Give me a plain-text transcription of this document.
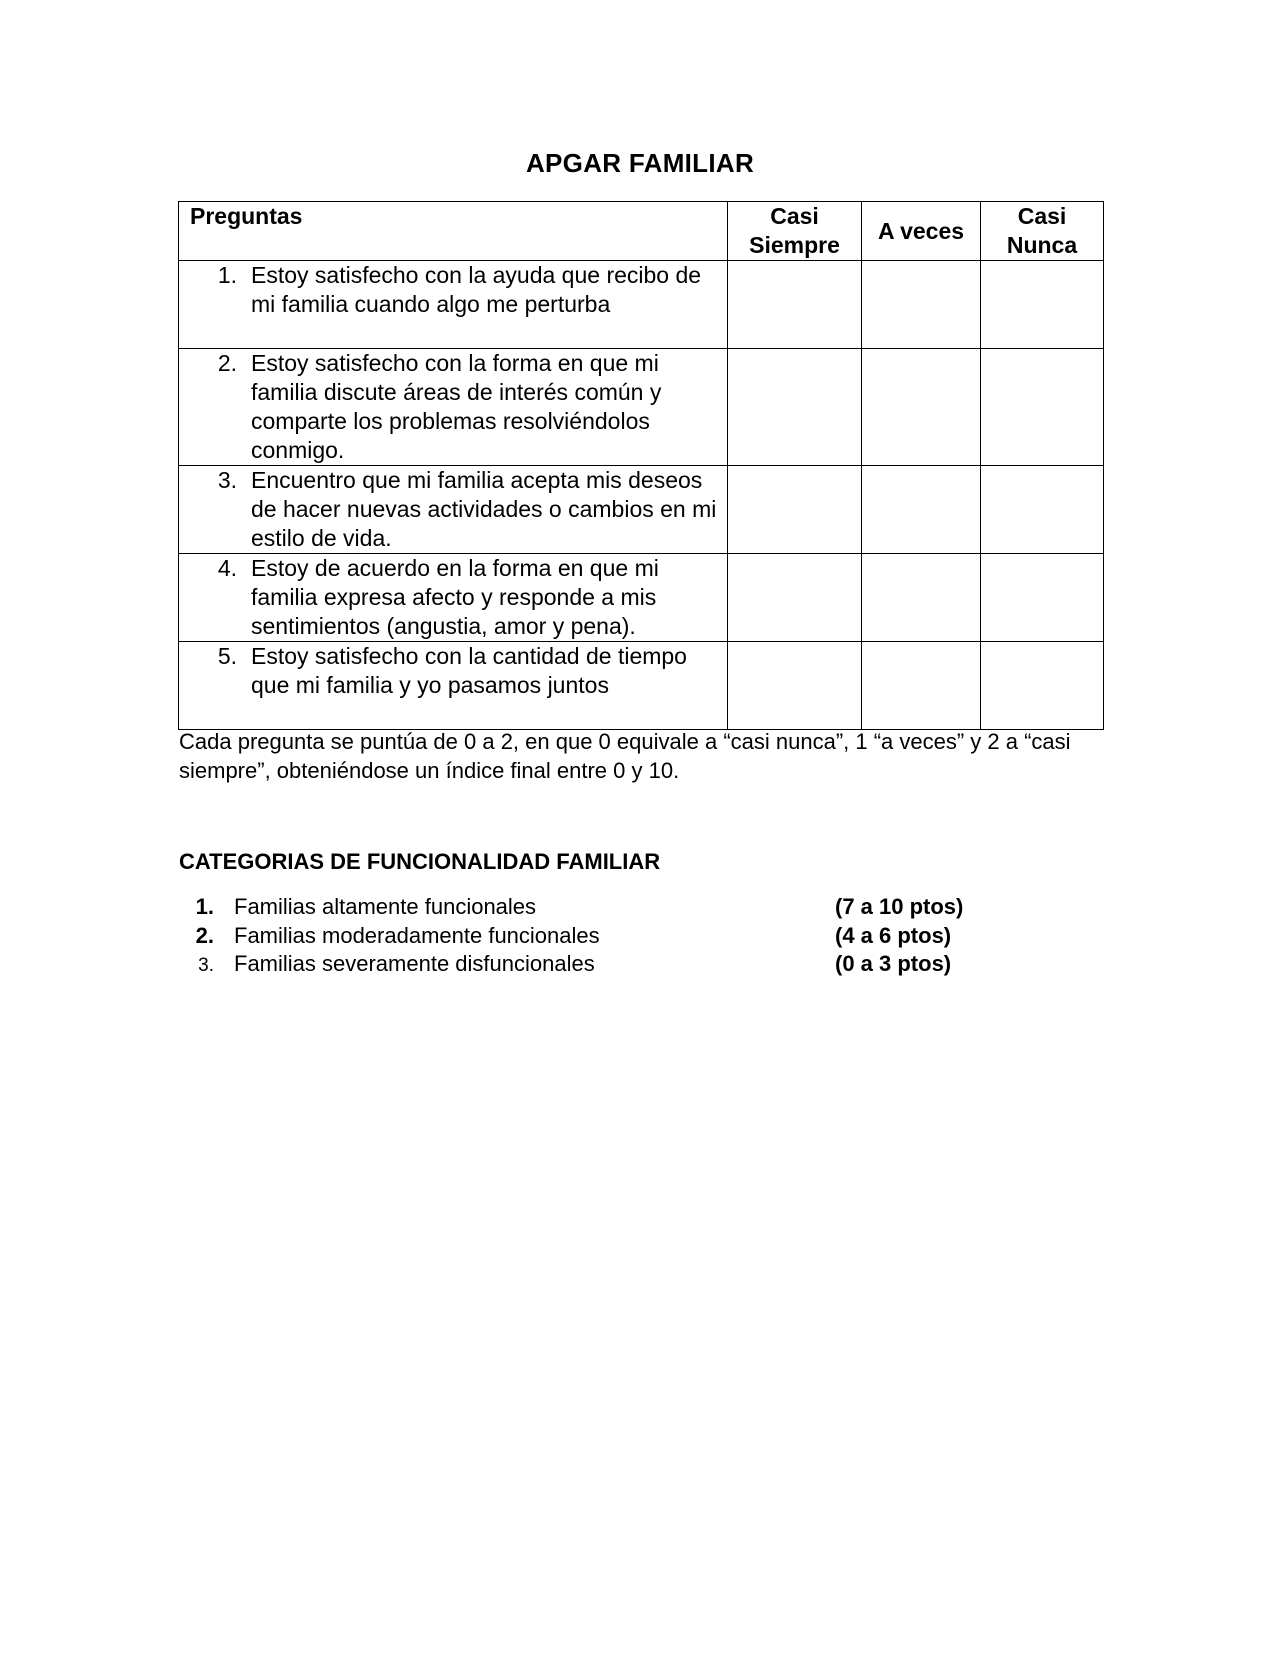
APGAR FAMILIAR
Preguntas	Casi Siempre	A veces	Casi Nunca

1. Estoy satisfecho con la ayuda que recibo de mi familia cuando algo me perturba			

2. Estoy satisfecho con la forma en que mi familia discute áreas de interés común y comparte los problemas resolviéndolos conmigo.			

3. Encuentro que mi familia acepta mis deseos de hacer nuevas actividades o cambios en mi estilo de vida.			

4. Estoy de acuerdo en la forma en que mi familia expresa afecto y responde a mis sentimientos (angustia, amor y pena).			

5. Estoy satisfecho con la cantidad de tiempo que mi familia y yo pasamos juntos			

Cada pregunta se puntúa de 0 a 2, en que 0 equivale a “casi nunca”, 1 “a veces” y 2 a “casi siempre”, obteniéndose un índice final entre 0 y 10.
CATEGORIAS DE FUNCIONALIDAD FAMILIAR
1. Familias altamente funcionales	(7 a 10 ptos)
2. Familias moderadamente funcionales	(4 a 6 ptos)
3. Familias severamente disfuncionales	(0 a 3 ptos)
